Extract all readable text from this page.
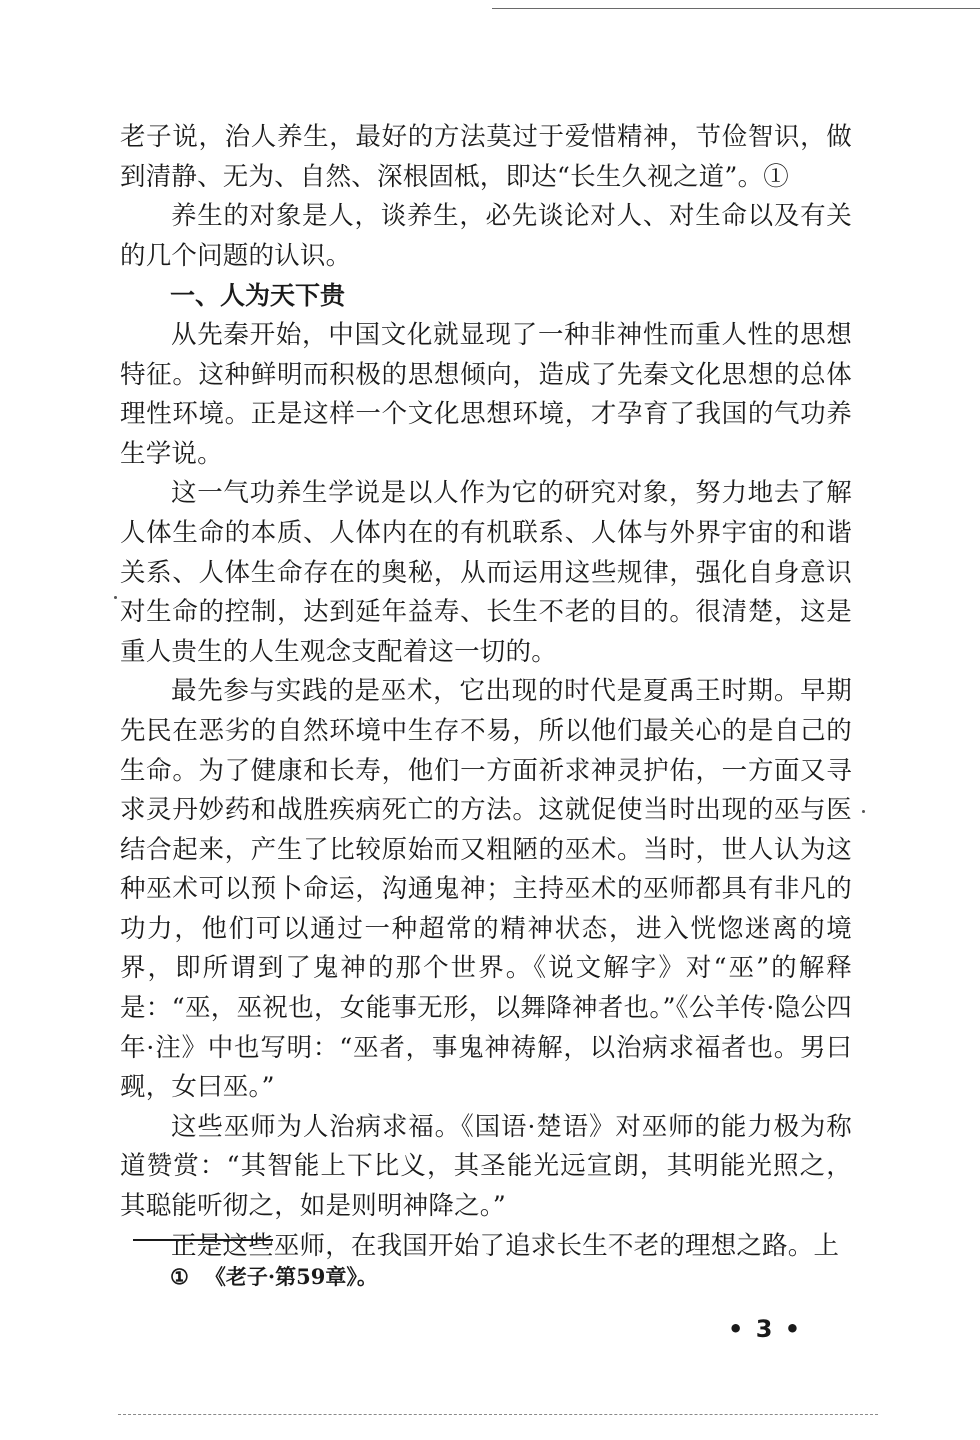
老子说，治人养生，最好的方法莫过于爱惜精神，节俭智识，做到清静、无为、自然、深根固柢，即达“长生久视之道”。①

养生的对象是人，谈养生，必先谈论对人、对生命以及有关的几个问题的认识。

一、人为天下贵

从先秦开始，中国文化就显现了一种非神性而重人性的思想特征。这种鲜明而积极的思想倾向，造成了先秦文化思想的总体理性环境。正是这样一个文化思想环境，才孕育了我国的气功养生学说。

这一气功养生学说是以人作为它的研究对象，努力地去了解人体生命的本质、人体内在的有机联系、人体与外界宇宙的和谐关系、人体生命存在的奥秘，从而运用这些规律，强化自身意识对生命的控制，达到延年益寿、长生不老的目的。很清楚，这是重人贵生的人生观念支配着这一切的。

最先参与实践的是巫术，它出现的时代是夏禹王时期。早期先民在恶劣的自然环境中生存不易，所以他们最关心的是自己的生命。为了健康和长寿，他们一方面祈求神灵护佑，一方面又寻求灵丹妙药和战胜疾病死亡的方法。这就促使当时出现的巫与医结合起来，产生了比较原始而又粗陋的巫术。当时，世人认为这种巫术可以预卜命运，沟通鬼神；主持巫术的巫师都具有非凡的功力，他们可以通过一种超常的精神状态，进入恍惚迷离的境界，即所谓到了鬼神的那个世界。《说文解字》对“巫”的解释是：“巫，巫祝也，女能事无形，以舞降神者也。”《公羊传·隐公四年·注》中也写明：“巫者，事鬼神祷解，以治病求福者也。男曰觋，女曰巫。”

这些巫师为人治病求福。《国语·楚语》对巫师的能力极为称道赞赏：“其智能上下比义，其圣能光远宣朗，其明能光照之，其聪能听彻之，如是则明神降之。”

正是这些巫师，在我国开始了追求长生不老的理想之路。上

① 《老子·第59章》。

• 3 •
